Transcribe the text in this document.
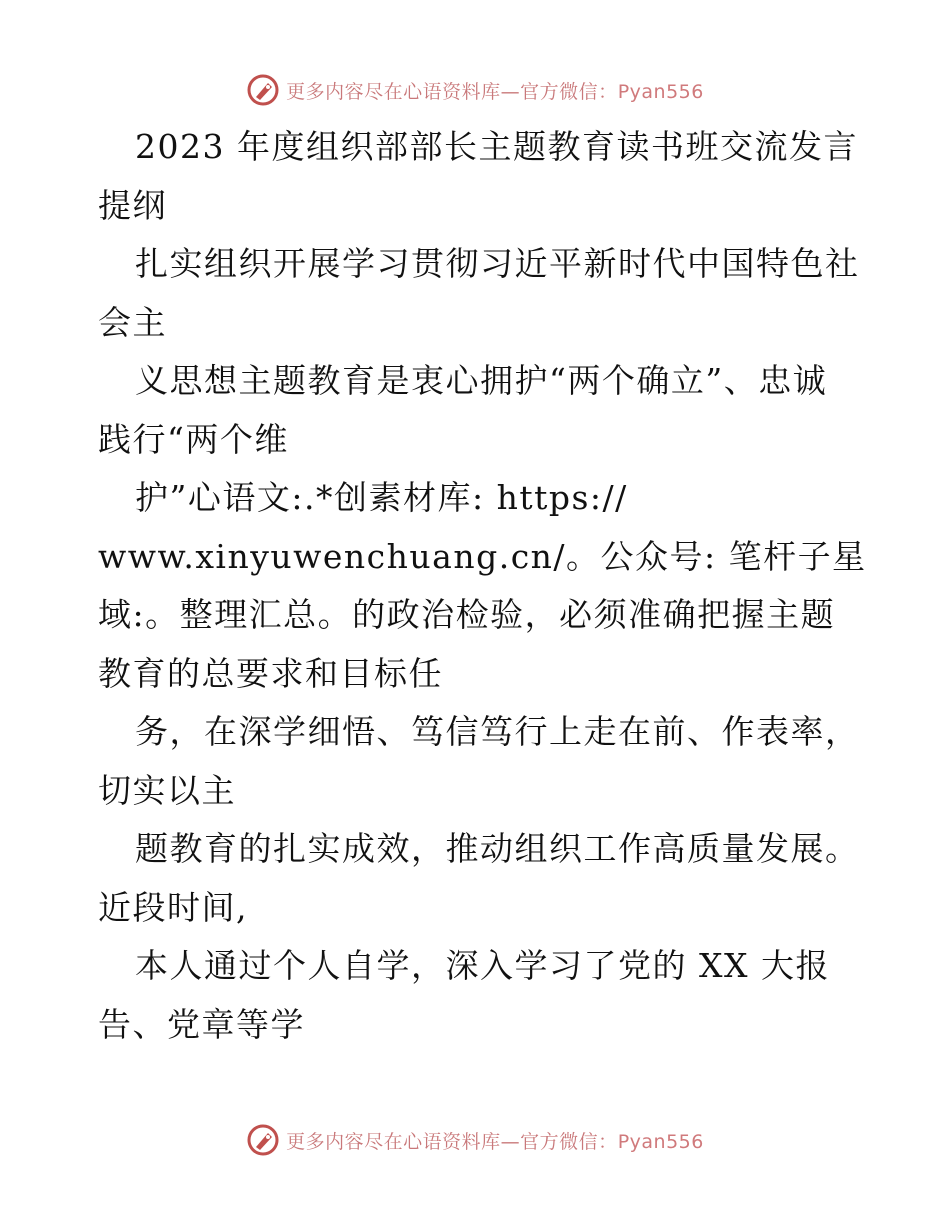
更多内容尽在心语资料库—官方微信：Pyan556
2023 年度组织部部长主题教育读书班交流发言
提纲
扎实组织开展学习贯彻习近平新时代中国特色社
会主
义思想主题教育是衷心拥护“两个确立”、忠诚
践行“两个维
护”心语文:.*创素材库: https://
www.xinyuwenchuang.cn/。公众号: 笔杆子星
域:。整理汇总。的政治检验，必须准确把握主题
教育的总要求和目标任
务，在深学细悟、笃信笃行上走在前、作表率，
切实以主
题教育的扎实成效，推动组织工作高质量发展。
近段时间,
本人通过个人自学，深入学习了党的 XX 大报
告、党章等学
更多内容尽在心语资料库—官方微信：Pyan556
